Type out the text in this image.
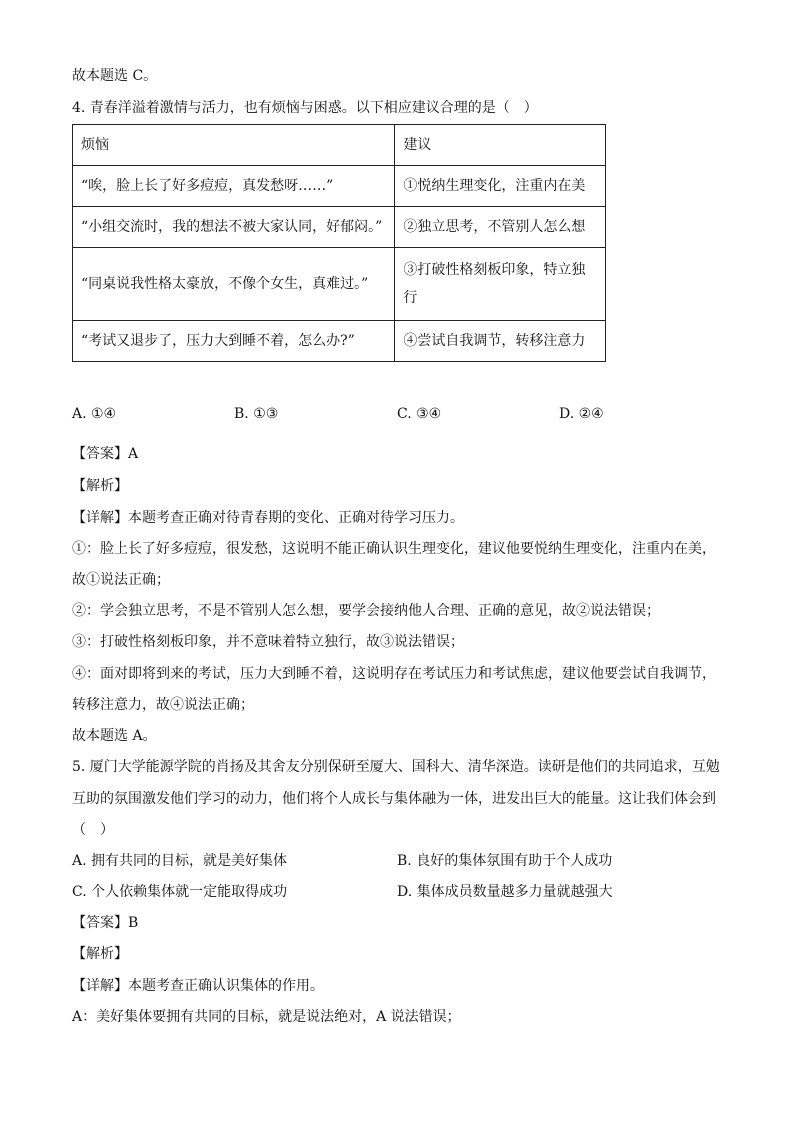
故本题选 C。
4. 青春洋溢着激情与活力，也有烦恼与困惑。以下相应建议合理的是（　）
烦恼	建议
“唉，脸上长了好多痘痘，真发愁呀……”	①悦纳生理变化，注重内在美
“小组交流时，我的想法不被大家认同，好郁闷。”	②独立思考，不管别人怎么想
“同桌说我性格太豪放，不像个女生，真难过。”	③打破性格刻板印象，特立独行
“考试又退步了，压力大到睡不着，怎么办?”	④尝试自我调节，转移注意力
A. ①④	B. ①③	C. ③④	D. ②④
【答案】A
【解析】
【详解】本题考查正确对待青春期的变化、正确对待学习压力。
①：脸上长了好多痘痘，很发愁，这说明不能正确认识生理变化，建议他要悦纳生理变化，注重内在美，
故①说法正确；
②：学会独立思考，不是不管别人怎么想，要学会接纳他人合理、正确的意见，故②说法错误；
③：打破性格刻板印象，并不意味着特立独行，故③说法错误；
④：面对即将到来的考试，压力大到睡不着，这说明存在考试压力和考试焦虑，建议他要尝试自我调节，
转移注意力，故④说法正确；
故本题选 A。
5. 厦门大学能源学院的肖扬及其舍友分别保研至厦大、国科大、清华深造。读研是他们的共同追求，互勉
互助的氛围激发他们学习的动力，他们将个人成长与集体融为一体，进发出巨大的能量。这让我们体会到
（　）
A. 拥有共同的目标，就是美好集体	B. 良好的集体氛围有助于个人成功
C. 个人依赖集体就一定能取得成功	D. 集体成员数量越多力量就越强大
【答案】B
【解析】
【详解】本题考查正确认识集体的作用。
A：美好集体要拥有共同的目标，就是说法绝对，A 说法错误；
